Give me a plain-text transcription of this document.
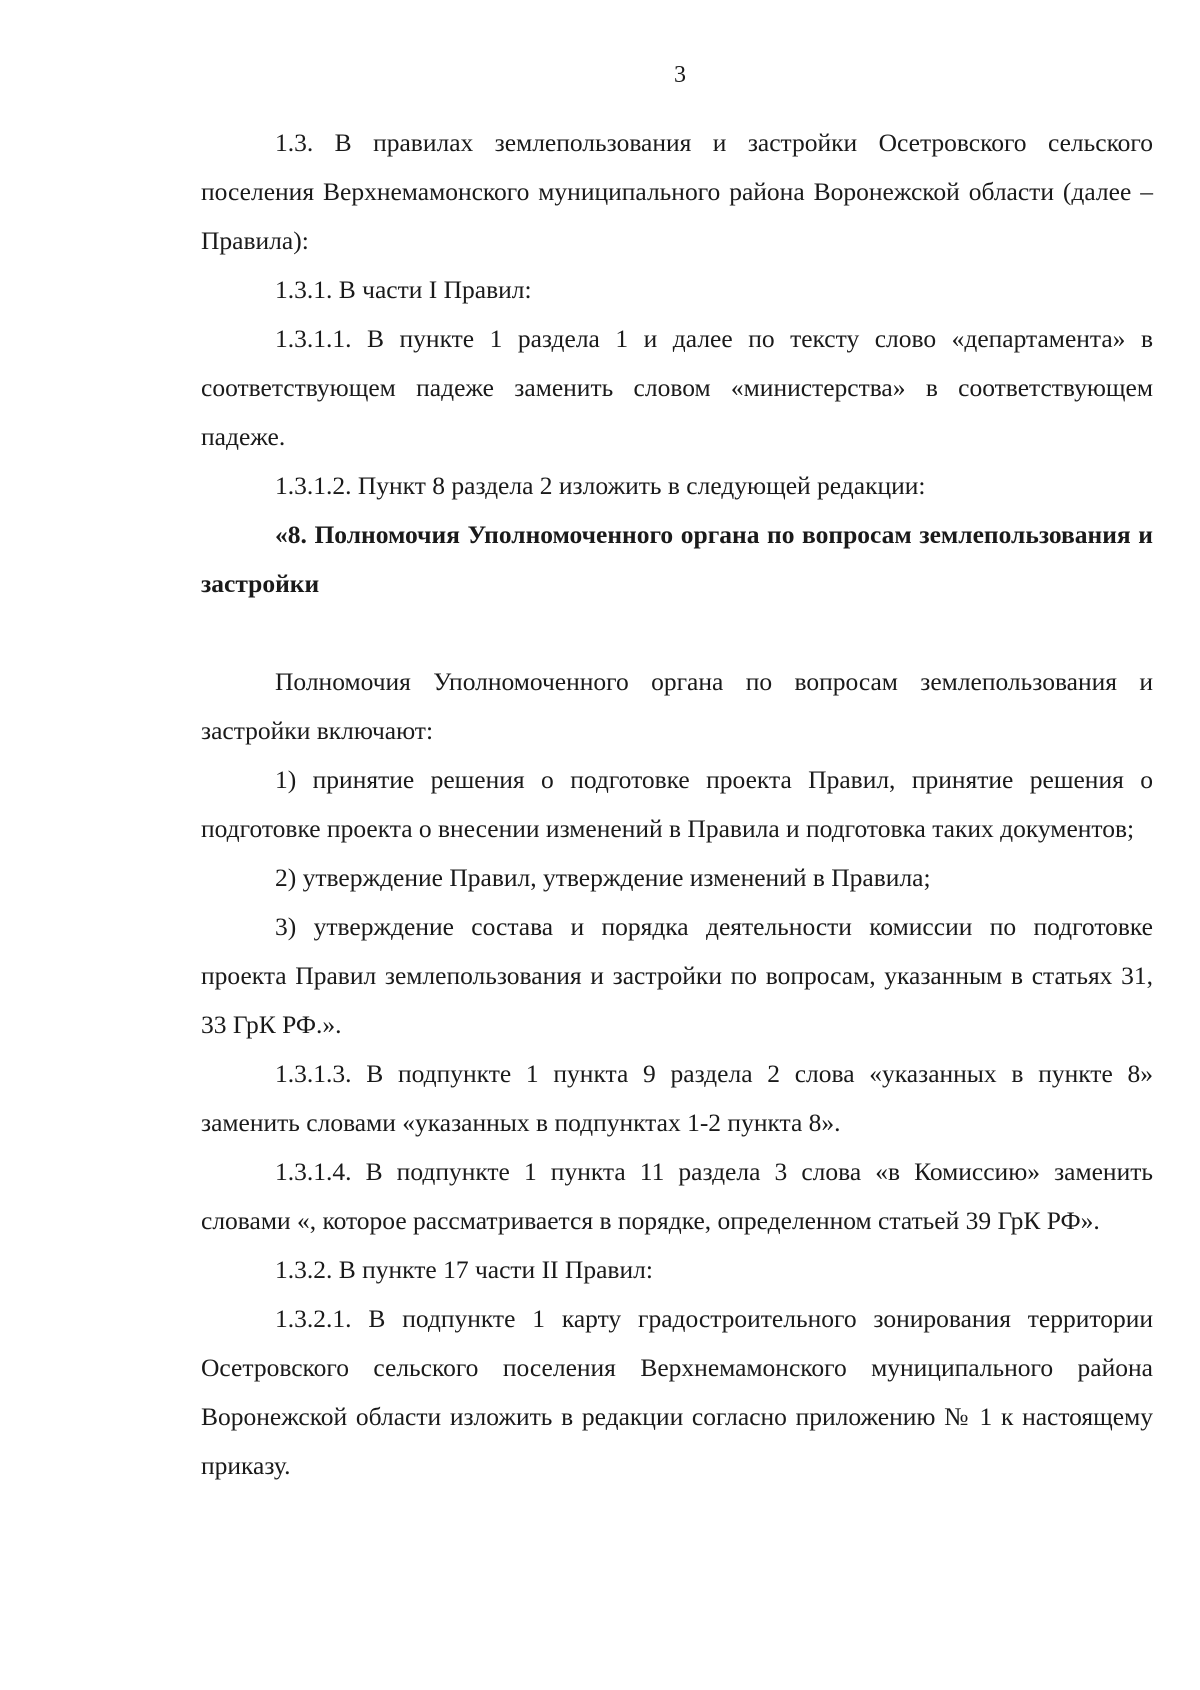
3

1.3. В правилах землепользования и застройки Осетровского сельского поселения Верхнемамонского муниципального района Воронежской области (далее – Правила):

1.3.1. В части I Правил:

1.3.1.1. В пункте 1 раздела 1 и далее по тексту слово «департамента» в соответствующем падеже заменить словом «министерства» в соответствующем падеже.

1.3.1.2. Пункт 8 раздела 2 изложить в следующей редакции:

«8. Полномочия Уполномоченного органа по вопросам землепользования и застройки

Полномочия Уполномоченного органа по вопросам землепользования и застройки включают:

1) принятие решения о подготовке проекта Правил, принятие решения о подготовке проекта о внесении изменений в Правила и подготовка таких документов;

2) утверждение Правил, утверждение изменений в Правила;

3) утверждение состава и порядка деятельности комиссии по подготовке проекта Правил землепользования и застройки по вопросам, указанным в статьях 31, 33 ГрК РФ.».

1.3.1.3. В подпункте 1 пункта 9 раздела 2 слова «указанных в пункте 8» заменить словами «указанных в подпунктах 1-2 пункта 8».

1.3.1.4. В подпункте 1 пункта 11 раздела 3 слова «в Комиссию» заменить словами «, которое рассматривается в порядке, определенном статьей 39 ГрК РФ».

1.3.2. В пункте 17 части II Правил:

1.3.2.1. В подпункте 1 карту градостроительного зонирования территории Осетровского сельского поселения Верхнемамонского муниципального района Воронежской области изложить в редакции согласно приложению № 1 к настоящему приказу.
